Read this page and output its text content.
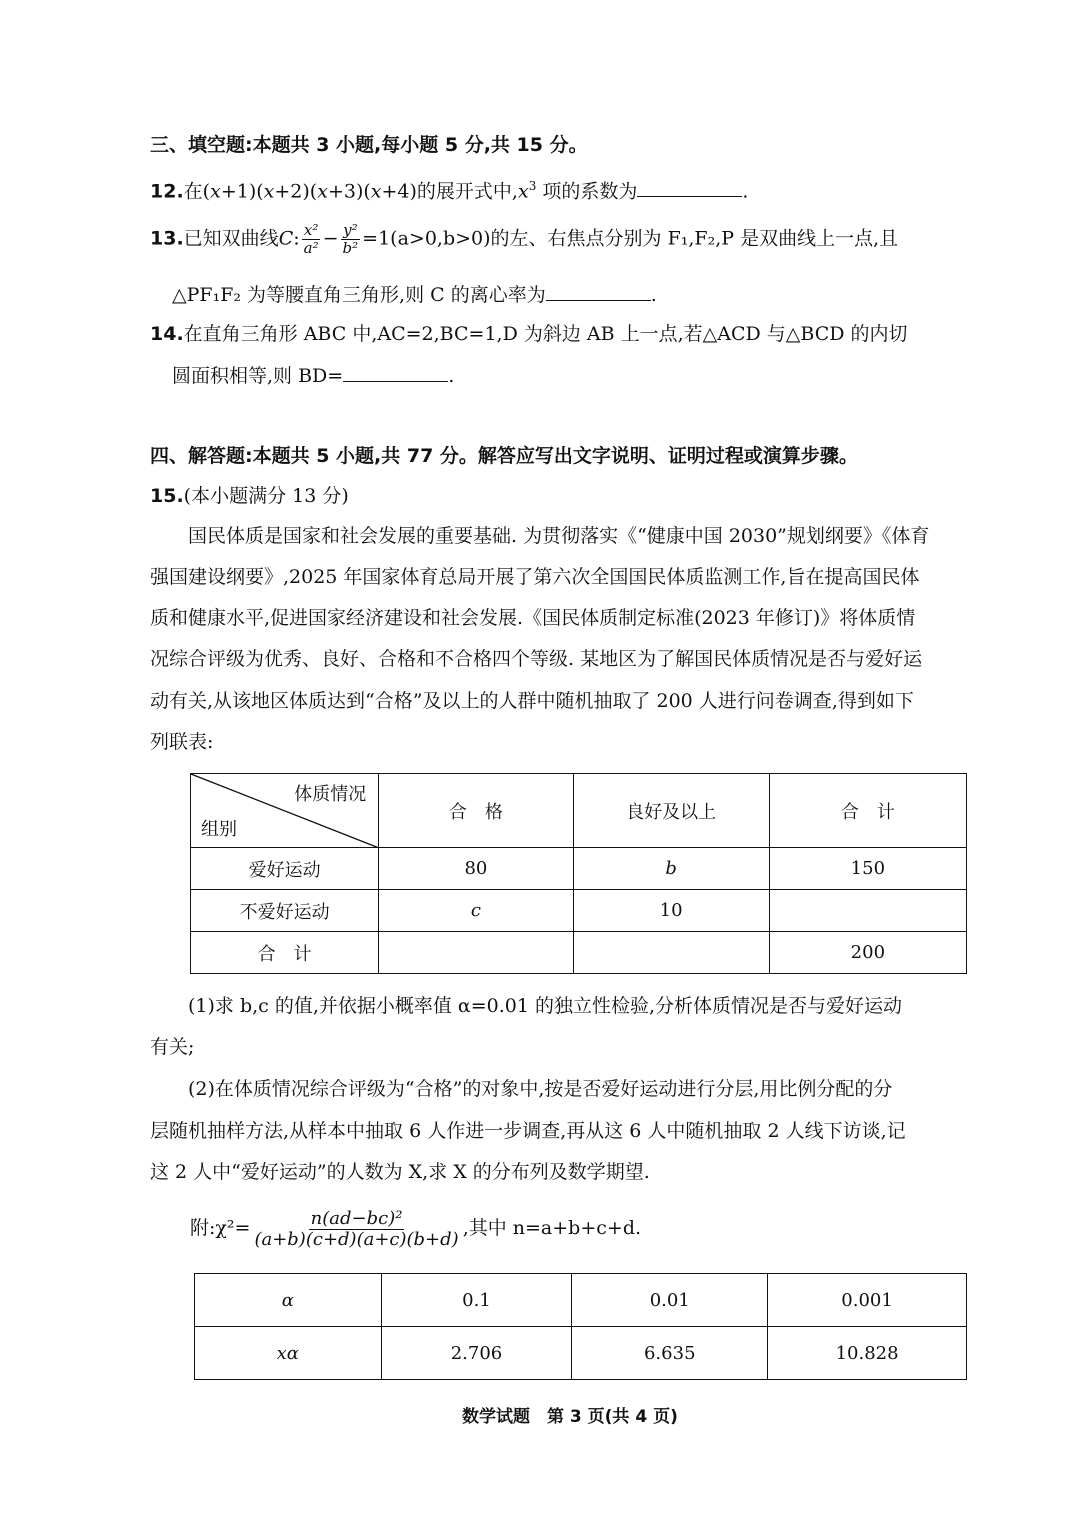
三、填空题:本题共 3 小题,每小题 5 分,共 15 分。
12.在(x+1)(x+2)(x+3)(x+4)的展开式中$,x^3$ 项的系数为	.
13.已知双曲线C: $\frac{\text{x²}}{\text{a²}} - \frac{\text{y²}}{\text{b²}} =1(a>0,b>0)$的左、右焦点分别为 F₁,F₂,P 是双曲线上一点,且
△PF₁F₂ 为等腰直角三角形,则 C 的离心率为	.
14.在直角三角形 ABC 中,AC=2,BC=1,D 为斜边 AB 上一点,若△ACD 与△BCD 的内切
圆面积相等,则 BD=	.
四、解答题:本题共 5 小题,共 77 分。解答应写出文字说明、证明过程或演算步骤。
15.(本小题满分 13 分)
国民体质是国家和社会发展的重要基础. 为贯彻落实《“健康中国 2030”规划纲要》《体育
强国建设纲要》,2025 年国家体育总局开展了第六次全国国民体质监测工作,旨在提高国民体
质和健康水平,促进国家经济建设和社会发展.《国民体质制定标准(2023 年修订)》将体质情
况综合评级为优秀、良好、合格和不合格四个等级. 某地区为了解国民体质情况是否与爱好运
动有关,从该地区体质达到“合格”及以上的人群中随机抽取了 200 人进行问卷调查,得到如下
列联表:
体质情况
组别	合　格	良好及以上	合　计
爱好运动	80	b	150
不爱好运动	c	10	
合　计			200
(1)求 b,c 的值,并依据小概率值 α=0.01 的独立性检验,分析体质情况是否与爱好运动
有关;
(2)在体质情况综合评级为“合格”的对象中,按是否爱好运动进行分层,用比例分配的分
层随机抽样方法,从样本中抽取 6 人作进一步调查,再从这 6 人中随机抽取 2 人线下访谈,记
这 2 人中“爱好运动”的人数为 X,求 X 的分布列及数学期望.
附:χ²= $\frac{\text{n(ad−bc)²}}{(a+b)(c+d)(a+c)(b+d)}$ ,其中 n=a+b+c+d.
α	0.1	0.01	0.001
xα	2.706	6.635	10.828
数学试题　第 3 页(共 4 页)
